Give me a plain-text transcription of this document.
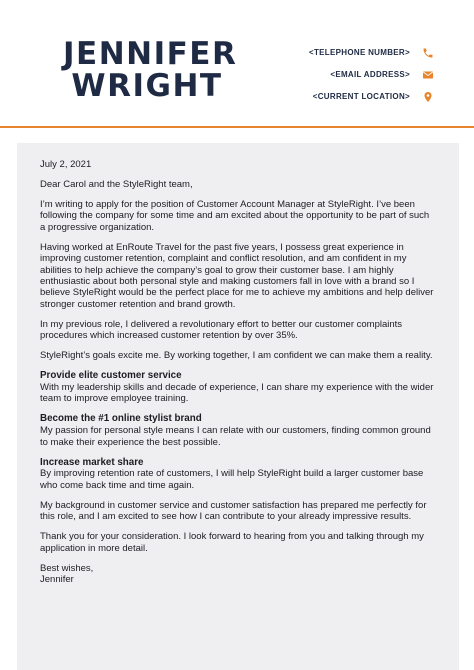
JENNIFER
WRIGHT
<TELEPHONE NUMBER>
<EMAIL ADDRESS>
<CURRENT LOCATION>

July 2, 2021

Dear Carol and the StyleRight team,

I’m writing to apply for the position of Customer Account Manager at StyleRight. I’ve been following the company for some time and am excited about the opportunity to be part of such a progressive organization.

Having worked at EnRoute Travel for the past five years, I possess great experience in improving customer retention, complaint and conflict resolution, and am confident in my abilities to help achieve the company’s goal to grow their customer base. I am highly enthusiastic about both personal style and making customers fall in love with a brand so I believe StyleRight would be the perfect place for me to achieve my ambitions and help deliver stronger customer retention and brand growth.

In my previous role, I delivered a revolutionary effort to better our customer complaints procedures which increased customer retention by over 35%.

StyleRight’s goals excite me. By working together, I am confident we can make them a reality.

Provide elite customer service

With my leadership skills and decade of experience, I can share my experience with the wider team to improve employee training.

Become the #1 online stylist brand

My passion for personal style means I can relate with our customers, finding common ground to make their experience the best possible.

Increase market share

By improving retention rate of customers, I will help StyleRight build a larger customer base who come back time and time again.

My background in customer service and customer satisfaction has prepared me perfectly for this role, and I am excited to see how I can contribute to your already impressive results.

Thank you for your consideration. I look forward to hearing from you and talking through my application in more detail.

Best wishes,
Jennifer
